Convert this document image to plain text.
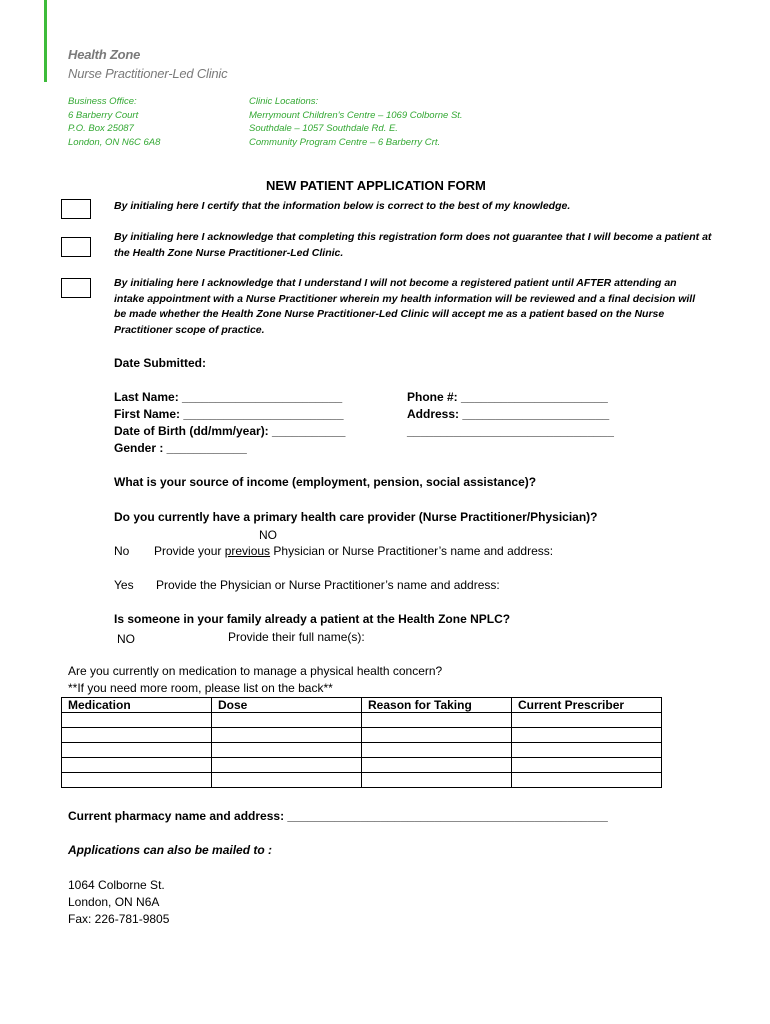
Health Zone
Nurse Practitioner-Led Clinic
Business Office:
6 Barberry Court
P.O. Box 25087
London, ON N6C 6A8
Clinic Locations:
Merrymount Children's Centre – 1069 Colborne St.
Southdale – 1057 Southdale Rd. E.
Community Program Centre – 6 Barberry Crt.
NEW PATIENT APPLICATION FORM
By initialing here I certify that the information below is correct to the best of my knowledge.
By initialing here I acknowledge that completing this registration form does not guarantee that I will become a patient at the Health Zone Nurse Practitioner-Led Clinic.
By initialing here I acknowledge that I understand I will not become a registered patient until AFTER attending an intake appointment with a Nurse Practitioner wherein my health information will be reviewed and a final decision will be made whether the Health Zone Nurse Practitioner-Led Clinic will accept me as a patient based on the Nurse Practitioner scope of practice.
Date Submitted:
Last Name: ________________________
First Name: ________________________
Date of Birth (dd/mm/year): ___________
Gender : ____________
Phone #: ______________________
Address: ______________________
_______________________________
What is your source of income (employment, pension, social assistance)?
Do you currently have a primary health care provider (Nurse Practitioner/Physician)?
NO
No Provide your previous Physician or Nurse Practitioner’s name and address:
Yes Provide the Physician or Nurse Practitioner’s name and address:
Is someone in your family already a patient at the Health Zone NPLC?
NO	Provide their full name(s):
Are you currently on medication to manage a physical health concern?
**If you need more room, please list on the back**
Medication	Dose	Reason for Taking	Current Prescriber

Current pharmacy name and address: ________________________________________________
Applications can also be mailed to :
1064 Colborne St.
London, ON N6A
Fax: 226-781-9805
